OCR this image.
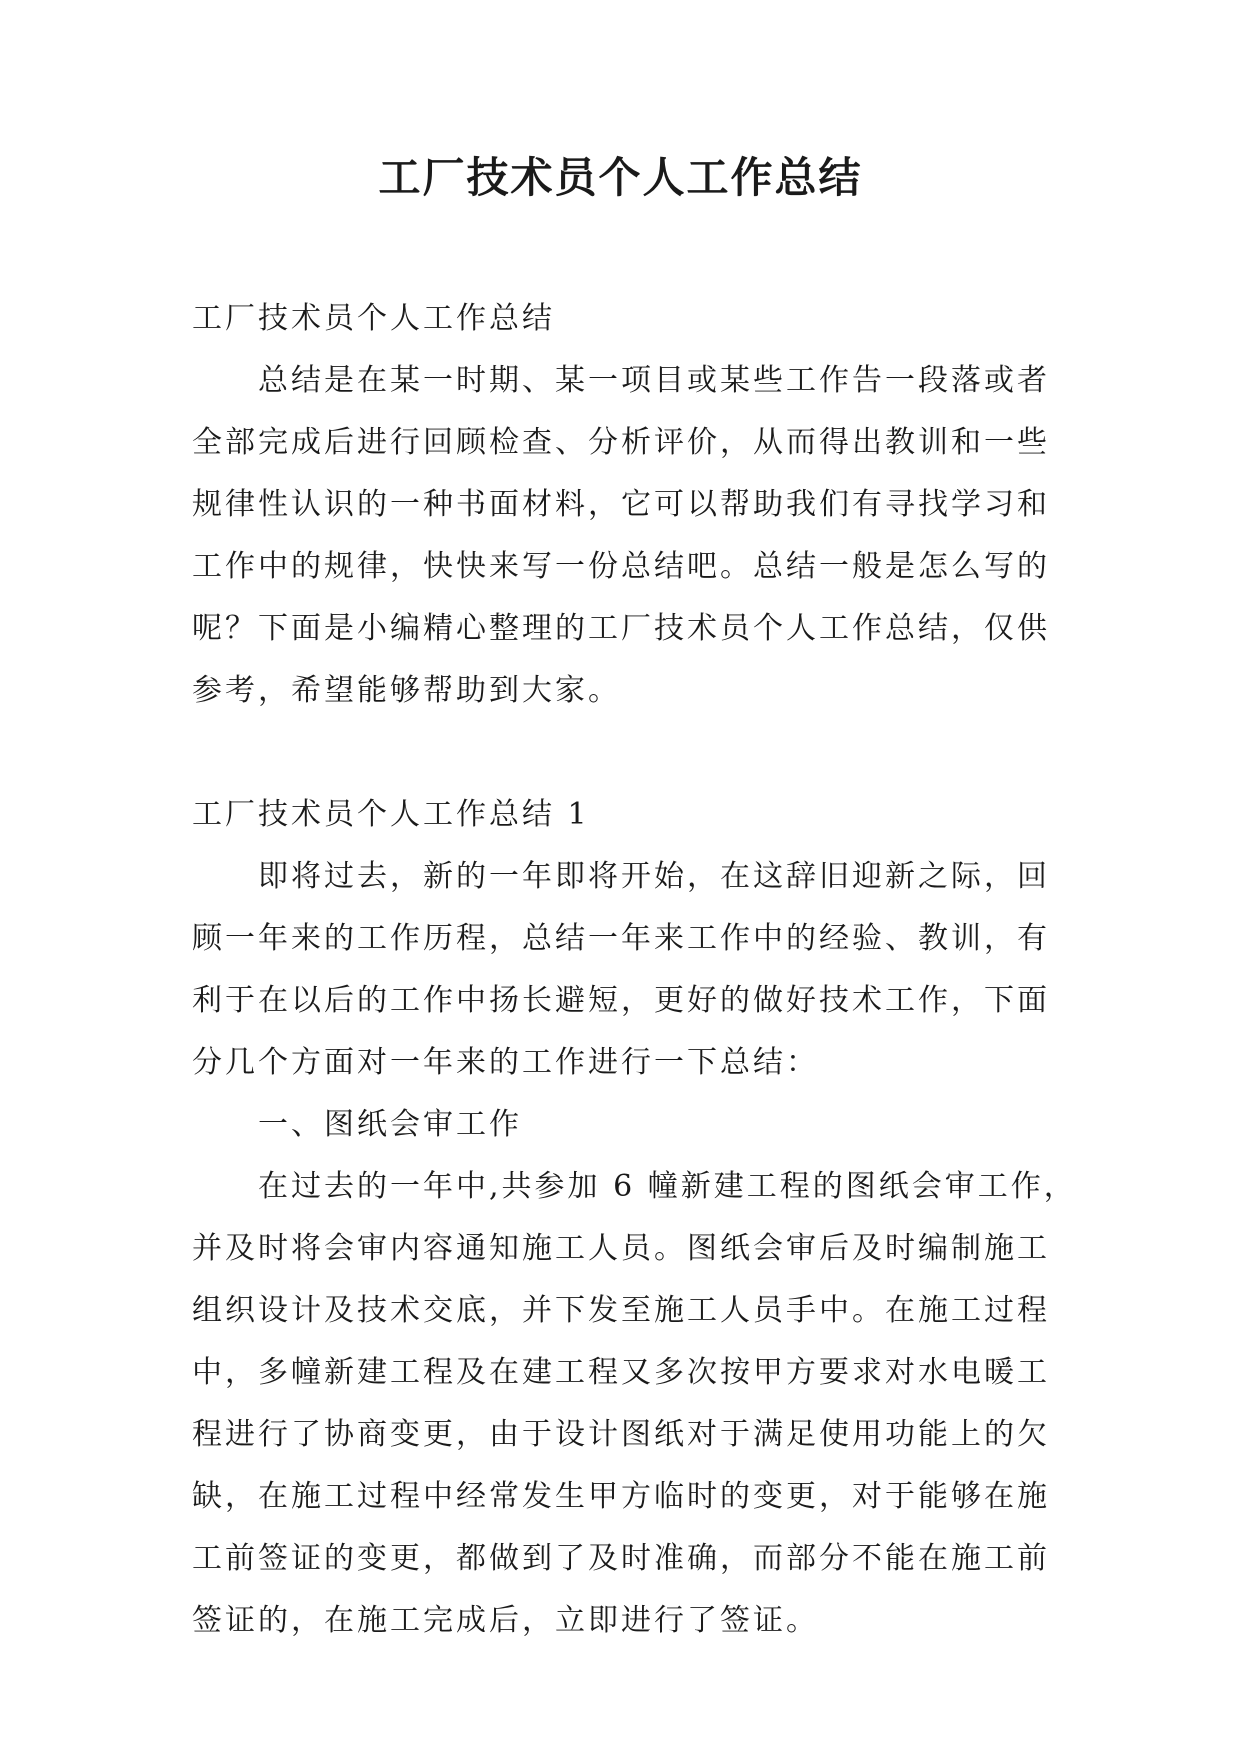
工厂技术员个人工作总结

工厂技术员个人工作总结

总结是在某一时期、某一项目或某些工作告一段落或者

全部完成后进行回顾检查、分析评价，从而得出教训和一些

规律性认识的一种书面材料，它可以帮助我们有寻找学习和

工作中的规律，快快来写一份总结吧。总结一般是怎么写的

呢？下面是小编精心整理的工厂技术员个人工作总结，仅供

参考，希望能够帮助到大家。

工厂技术员个人工作总结 1

即将过去，新的一年即将开始，在这辞旧迎新之际，回

顾一年来的工作历程，总结一年来工作中的经验、教训，有

利于在以后的工作中扬长避短，更好的做好技术工作，下面

分几个方面对一年来的工作进行一下总结：

一、图纸会审工作

在过去的一年中,共参加 6 幢新建工程的图纸会审工作，

并及时将会审内容通知施工人员。图纸会审后及时编制施工

组织设计及技术交底，并下发至施工人员手中。在施工过程

中，多幢新建工程及在建工程又多次按甲方要求对水电暖工

程进行了协商变更，由于设计图纸对于满足使用功能上的欠

缺，在施工过程中经常发生甲方临时的变更，对于能够在施

工前签证的变更，都做到了及时准确，而部分不能在施工前

签证的，在施工完成后，立即进行了签证。
